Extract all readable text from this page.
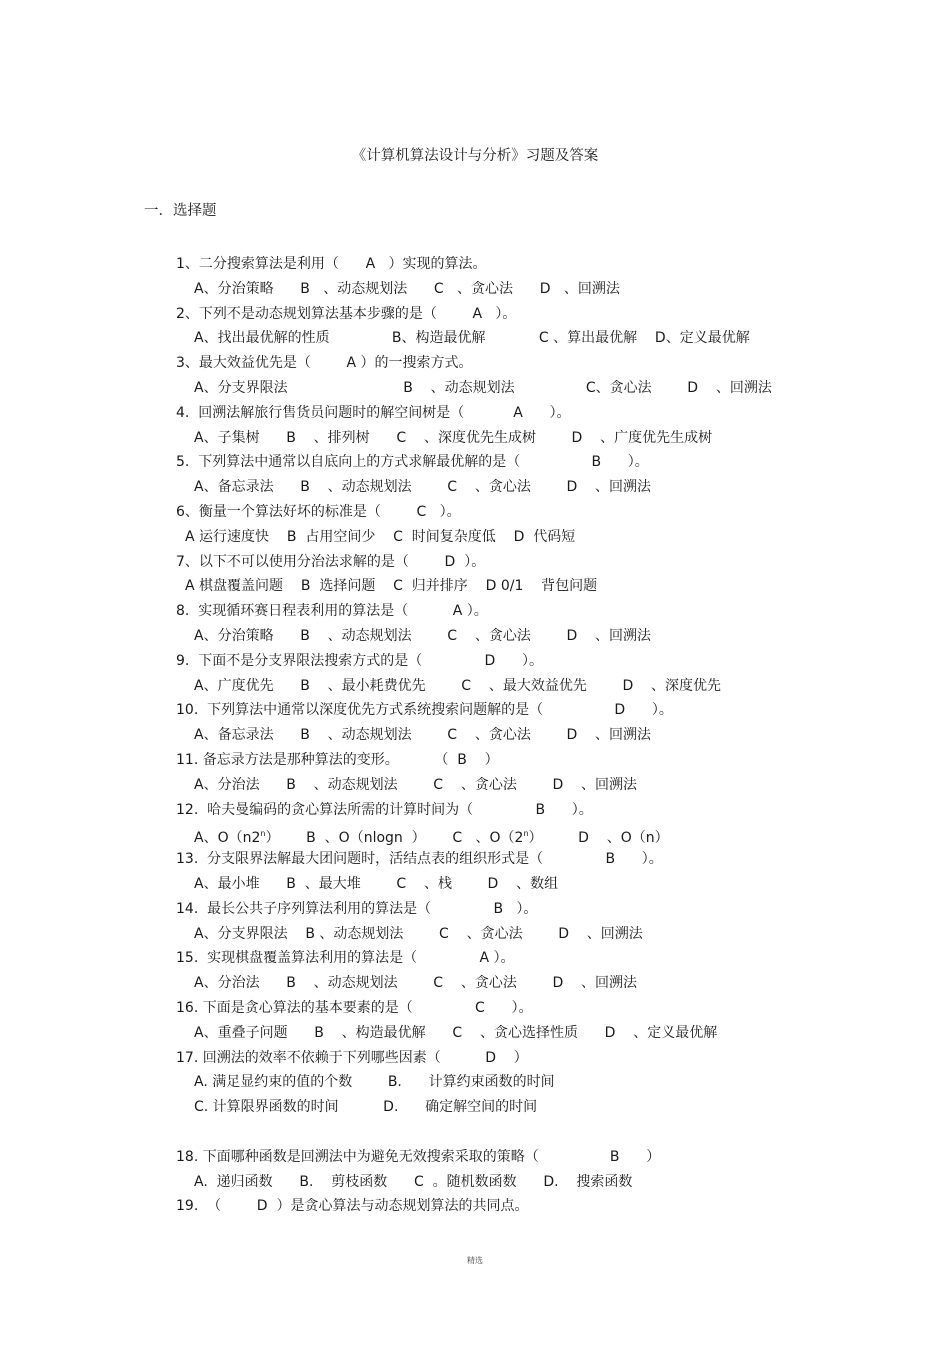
《计算机算法设计与分析》习题及答案
一．选择题
1、二分搜索算法是利用（      A   ）实现的算法。
A、分治策略      B   、动态规划法      C   、贪心法      D   、回溯法
2、下列不是动态规划算法基本步骤的是（        A   ）。
A、找出最优解的性质              B、构造最优解            C 、算出最优解    D、定义最优解
3、最大效益优先是（        A ）的一搜索方式。
A、分支界限法                          B    、动态规划法                C、贪心法        D    、回溯法
4.  回溯法解旅行售货员问题时的解空间树是（           A      ）。
A、子集树      B    、排列树      C    、深度优先生成树        D    、广度优先生成树
5.  下列算法中通常以自底向上的方式求解最优解的是（                B      ）。
A、备忘录法      B    、动态规划法        C    、贪心法        D    、回溯法
6、衡量一个算法好坏的标准是（        C   ）。
A 运行速度快    B  占用空间少    C  时间复杂度低    D  代码短
7、以下不可以使用分治法求解的是（        D  ）。
A 棋盘覆盖问题    B  选择问题    C  归并排序    D 0/1    背包问题
8.  实现循环赛日程表利用的算法是（          A ）。
A、分治策略      B    、动态规划法        C    、贪心法        D    、回溯法
9.  下面不是分支界限法搜索方式的是（              D      ）。
A、广度优先      B    、最小耗费优先        C    、最大效益优先        D    、深度优先
10.  下列算法中通常以深度优先方式系统搜索问题解的是（                D      ）。
A、备忘录法      B    、动态规划法        C    、贪心法        D    、回溯法
11. 备忘录方法是那种算法的变形。        （  B    ）
A、分治法      B    、动态规划法        C    、贪心法        D    、回溯法
12.  哈夫曼编码的贪心算法所需的计算时间为（              B      ）。
A、O（n2$^n$）      B  、O（nlogn  ）      C   、O（2$^n$）        D    、O（n）
13.  分支限界法解最大团问题时，活结点表的组织形式是（              B      ）。
A、最小堆      B  、最大堆        C    、栈        D    、数组
14.  最长公共子序列算法利用的算法是（              B   ）。
A、分支界限法    B 、动态规划法        C    、贪心法        D    、回溯法
15.  实现棋盘覆盖算法利用的算法是（              A ）。
A、分治法      B    、动态规划法        C    、贪心法        D    、回溯法
16. 下面是贪心算法的基本要素的是（              C      ）。
A、重叠子问题      B    、构造最优解      C    、贪心选择性质      D    、定义最优解
17. 回溯法的效率不依赖于下列哪些因素（          D    ）
A. 满足显约束的值的个数        B.      计算约束函数的时间
C. 计算限界函数的时间          D.      确定解空间的时间
18. 下面哪种函数是回溯法中为避免无效搜索采取的策略（                B      ）
A.  递归函数      B.    剪枝函数      C  。随机数函数      D.    搜索函数
19.  （        D  ）是贪心算法与动态规划算法的共同点。
精选
